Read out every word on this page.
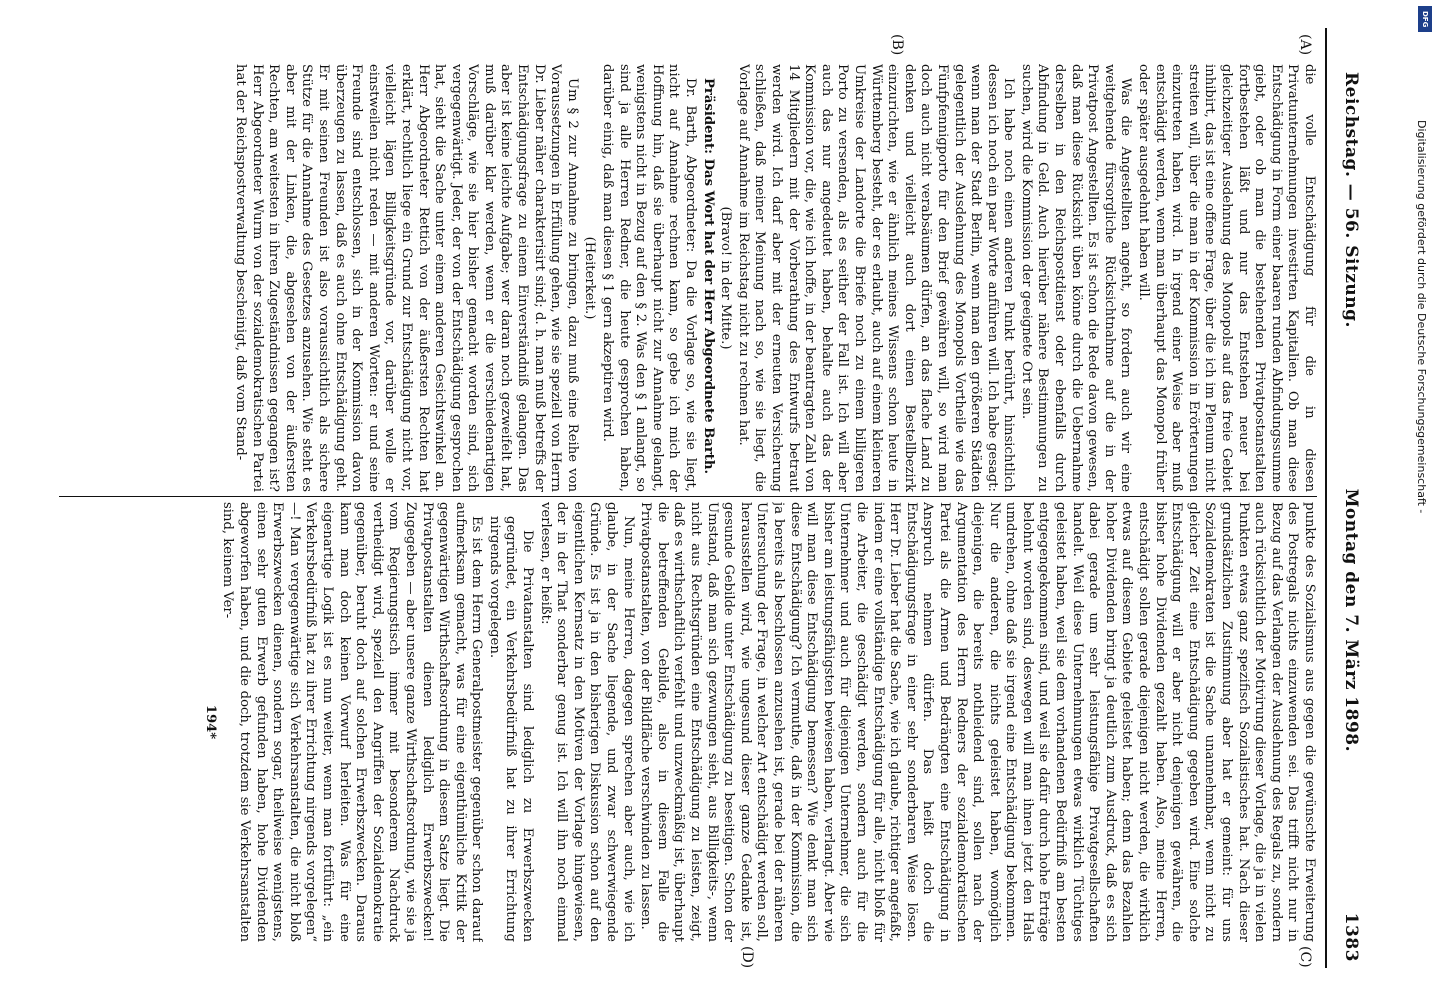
DFG
Digitalisierung gefördert durch die Deutsche Forschungsgemeinschaft -
Reichstag. — 56. Sitzung.
Montag den 7. März 1898.
1383
(A)
(B)
(C)
(D)

die volle Entschädigung für die in diesen Privatunternehmungen investirten Kapitalien. Ob man diese Entschädigung in Form einer baaren runden Abfindungssumme giebt, oder ob man die bestehenden Privatpostanstalten fortbestehen läßt und nur das Entstehen neuer bei gleichzeitiger Ausdehnung des Monopols auf das freie Gebiet inhibirt, das ist eine offene Frage, über die ich im Plenum nicht streiten will, über die man in der Kommission in Erörterungen einzutreten haben wird. In irgend einer Weise aber muß entschädigt werden, wenn man überhaupt das Monopol früher oder später ausgedehnt haben will.

Was die Angestellten angeht, so fordern auch wir eine weitgehende fürsorgliche Rücksichtnahme auf die in der Privatpost Angestellten. Es ist schon die Rede davon gewesen, daß man diese Rücksicht üben könne durch die Uebernahme derselben in den Reichspostdienst oder ebenfalls durch Abfindung in Geld. Auch hierüber nähere Bestimmungen zu suchen, wird die Kommission der geeignete Ort sein.

Ich habe noch einen anderen Punkt berührt, hinsichtlich dessen ich noch ein paar Worte anführen will. Ich habe gesagt: wenn man der Stadt Berlin, wenn man den größeren Städten gelegentlich der Ausdehnung des Monopols Vortheile wie das Fünfpfennigporto für den Brief gewähren will, so wird man doch auch nicht verabsäumen dürfen, an das flache Land zu denken und vielleicht auch dort einen Bestellbezirk einzurichten, wie er ähnlich meines Wissens schon heute in Württemberg besteht, der es erlaubt, auch auf einem kleineren Umkreise der Landorte die Briefe noch zu einem billigeren Porto zu versenden, als es seither der Fall ist. Ich will aber auch das nur angedeutet haben, behalte auch das der Kommission vor, die, wie ich hoffe, in der beantragten Zahl von 14 Mitgliedern mit der Vorberathung des Entwurfs betraut werden wird. Ich darf aber mit der erneuten Versicherung schließen, daß meiner Meinung nach so, wie sie liegt, die Vorlage auf Annahme im Reichstag nicht zu rechnen hat.

(Bravo! in der Mitte.)

Präsident: Das Wort hat der Herr Abgeordnete Barth.

Dr. Barth, Abgeordneter: Da die Vorlage so, wie sie liegt, nicht auf Annahme rechnen kann, so gebe ich mich der Hoffnung hin, daß sie überhaupt nicht zur Annahme gelangt, wenigstens nicht in Bezug auf den § 2. Was den § 1 anlangt, so sind ja alle Herren Redner, die heute gesprochen haben, darüber einig, daß man diesen § 1 gern akzeptiren wird.

(Heiterkeit.)

Um § 2 zur Annahme zu bringen, dazu muß eine Reihe von Voraussetzungen in Erfüllung gehen, wie sie speziell von Herrn Dr. Lieber näher charakterisirt sind; d. h. man muß betreffs der Entschädigungsfrage zu einem Einverständniß gelangen. Das aber ist keine leichte Aufgabe; wer daran noch gezweifelt hat, muß darüber klar werden, wenn er die verschiedenartigen Vorschläge, wie sie hier bisher gemacht worden sind, sich vergegenwärtigt. Jeder, der von der Entschädigung gesprochen hat, sieht die Sache unter einem anderen Gesichtswinkel an. Herr Abgeordneter Rettich von der äußersten Rechten hat erklärt, rechtlich liege ein Grund zur Entschädigung nicht vor, vielleicht lägen Billigkeitsgründe vor, darüber wolle er einstweilen nicht reden — mit anderen Worten: er und seine Freunde sind entschlossen, sich in der Kommission davon überzeugen zu lassen, daß es auch ohne Entschädigung geht. Er mit seinen Freunden ist also voraussichtlich als sichere Stütze für die Annahme des Gesetzes anzusehen. Wie steht es aber mit der Linken, die, abgesehen von der äußersten Rechten, am weitesten in ihren Zugeständnissen gegangen ist? Herr Abgeordneter Wurm von der sozialdemokratischen Partei hat der Reichspostverwaltung bescheinigt, daß vom Stand-

punkte des Sozialismus aus gegen die gewünschte Erweiterung des Postregals nichts einzuwenden sei. Das trifft nicht nur in Bezug auf das Verlangen der Ausdehnung des Regals zu, sondern auch rücksichtlich der Motivirung dieser Vorlage, die ja in vielen Punkten etwas ganz spezifisch Sozialistisches hat. Nach dieser grundsätzlichen Zustimmung aber hat er gemeint: für uns Sozialdemokraten ist die Sache unannehmbar, wenn nicht zu gleicher Zeit eine Entschädigung gegeben wird. Eine solche Entschädigung will er aber nicht denjenigen gewähren, die bisher hohe Dividenden gezahlt haben. Also, meine Herren, entschädigt sollen gerade diejenigen nicht werden, die wirklich etwas auf diesem Gebiete geleistet haben; denn das Bezahlen hoher Dividenden bringt ja deutlich zum Ausdruck, daß es sich dabei gerade um sehr leistungsfähige Privatgesellschaften handelt. Weil diese Unternehmungen etwas wirklich Tüchtiges geleistet haben, weil sie dem vorhandenen Bedürfniß am besten entgegengekommen sind, und weil sie dafür durch hohe Erträge belohnt worden sind, deswegen will man ihnen jetzt den Hals umdrehen, ohne daß sie irgend eine Entschädigung bekommen. Nur die anderen, die nichts geleistet haben, womöglich diejenigen, die bereits nothleidend sind, sollen nach der Argumentation des Herrn Redners der sozialdemokratischen Partei als die Armen und Bedrängten eine Entschädigung in Anspruch nehmen dürfen. Das heißt doch die Entschädigungsfrage in einer sehr sonderbaren Weise lösen. Herr Dr. Lieber hat die Sache, wie ich glaube, richtiger angefaßt, indem er eine vollständige Entschädigung für alle, nicht bloß für die Arbeiter, die geschädigt werden, sondern auch für die Unternehmer und auch für diejenigen Unternehmer, die sich bisher am leistungsfähigsten bewiesen haben, verlangt. Aber wie will man diese Entschädigung bemessen? Wie denkt man sich diese Entschädigung? Ich vermuthe, daß in der Kommission, die ja bereits als beschlossen anzusehen ist, gerade bei der näheren Untersuchung der Frage, in welcher Art entschädigt werden soll, herausstellen wird, wie ungesund dieser ganze Gedanke ist, gesunde Gebilde unter Entschädigung zu beseitigen. Schon der Umstand, daß man sich gezwungen sieht, aus Billigkeits-, wenn nicht aus Rechtsgründen eine Entschädigung zu leisten, zeigt, daß es wirthschaftlich verfehlt und unzweckmäßig ist, überhaupt die betreffenden Gebilde, also in diesem Falle die Privatpostanstalten, von der Bildfläche verschwinden zu lassen.

Nun, meine Herren, dagegen sprechen aber auch, wie ich glaube, in der Sache liegende, und zwar schwerwiegende Gründe. Es ist ja in den bisherigen Diskussion schon auf den eigentlichen Kernsatz in den Motiven der Vorlage hingewiesen, der in der That sonderbar genug ist. Ich will ihn noch einmal verlesen, er heißt:

Die Privatanstalten sind lediglich zu Erwerbszwecken gegründet, ein Verkehrsbedürfniß hat zu ihrer Errichtung nirgends vorgelegen.

Es ist dem Herrn Generalpostmeister gegenüber schon darauf aufmerksam gemacht, was für eine eigenthümliche Kritik der gegenwärtigen Wirthschaftsordnung in diesem Satze liegt. Die Privatpostanstalten dienen lediglich Erwerbszwecken! Zugegeben — aber unsere ganze Wirthschaftsordnung, wie sie ja vom Regierungstisch immer mit besonderem Nachdruck vertheidigt wird, speziell den Angriffen der Sozialdemokratie gegenüber, beruht doch auf solchen Erwerbszwecken. Daraus kann man doch keinen Vorwurf herleiten. Was für eine eigenartige Logik ist es nun weiter, wenn man fortführt: „ein Verkehrsbedürfniß hat zu ihrer Errichtung nirgends vorgelegen“ —! Man vergegenwärtige sich Verkehrsanstalten, die nicht bloß Erwerbszwecken dienen, sondern sogar, theilweise wenigstens, einen sehr guten Erwerb gefunden haben, hohe Dividenden abgeworfen haben, und die doch, trotzdem sie Verkehrsanstalten sind, keinem Ver-

194*
